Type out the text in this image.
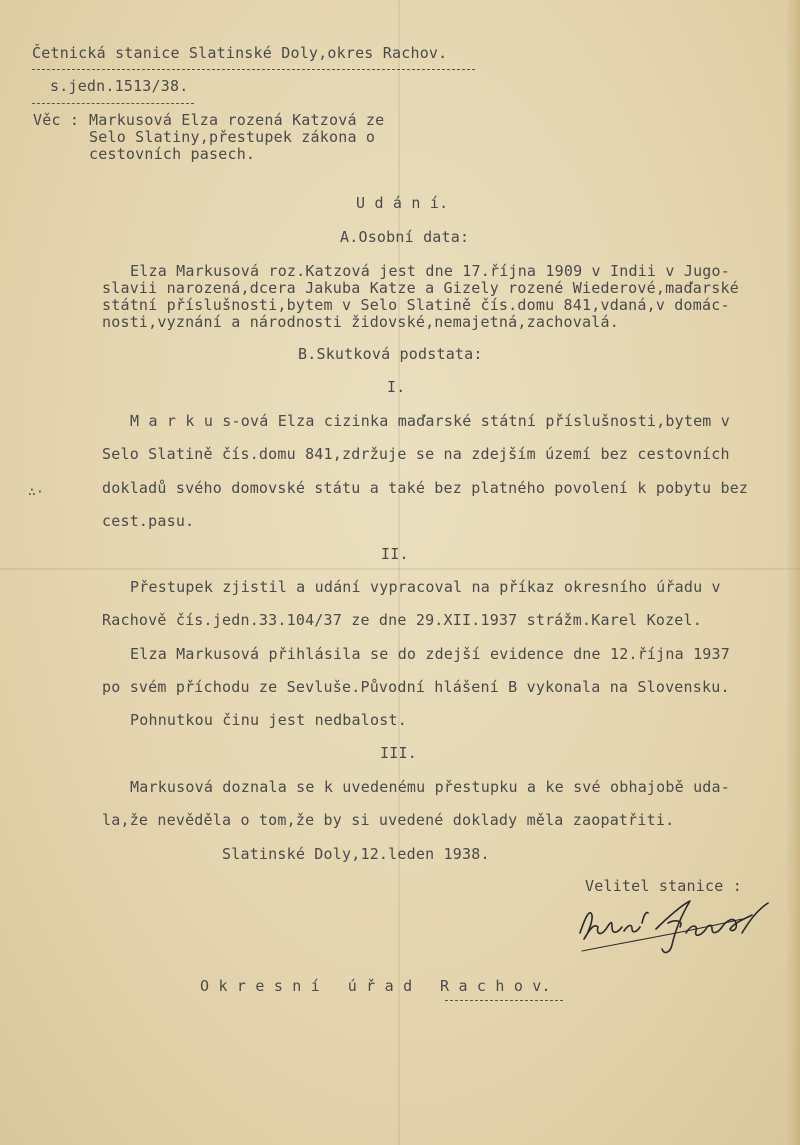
Četnická stanice Slatinské Doly,okres Rachov.
s.jedn.1513/38.
Věc : Markusová Elza rozená Katzová ze
Selo Slatiny,přestupek zákona o
cestovních pasech.
U d á n í.
A.Osobní data:
Elza Markusová roz.Katzová jest dne 17.října 1909 v Indii v Jugo-
slavii narozená,dcera Jakuba Katze a Gizely rozené Wiederové,maďarské
státní příslušnosti,bytem v Selo Slatině čís.domu 841,vdaná,v domác-
nosti,vyznání a národnosti židovské,nemajetná,zachovalá.
B.Skutková podstata:
I.
M a r k u s-ová Elza cizinka maďarské státní příslušnosti,bytem v
Selo Slatině čís.domu 841,zdržuje se na zdejším území bez cestovních
dokladů svého domovské státu a také bez platného povolení k pobytu bez
cest.pasu.
∴·
II.
Přestupek zjistil a udání vypracoval na příkaz okresního úřadu v
Rachově čís.jedn.33.104/37 ze dne 29.XII.1937 strážm.Karel Kozel.
Elza Markusová přihlásila se do zdejší evidence dne 12.října 1937
po svém příchodu ze Sevluše.Původní hlášení B vykonala na Slovensku.
Pohnutkou činu jest nedbalost.
III.
Markusová doznala se k uvedenému přestupku a ke své obhajobě uda-
la,že nevěděla o tom,že by si uvedené doklady měla zaopatřiti.
Slatinské Doly,12.leden 1938.
Velitel stanice :
O k r e s n í   ú ř a d   R a c h o v.
